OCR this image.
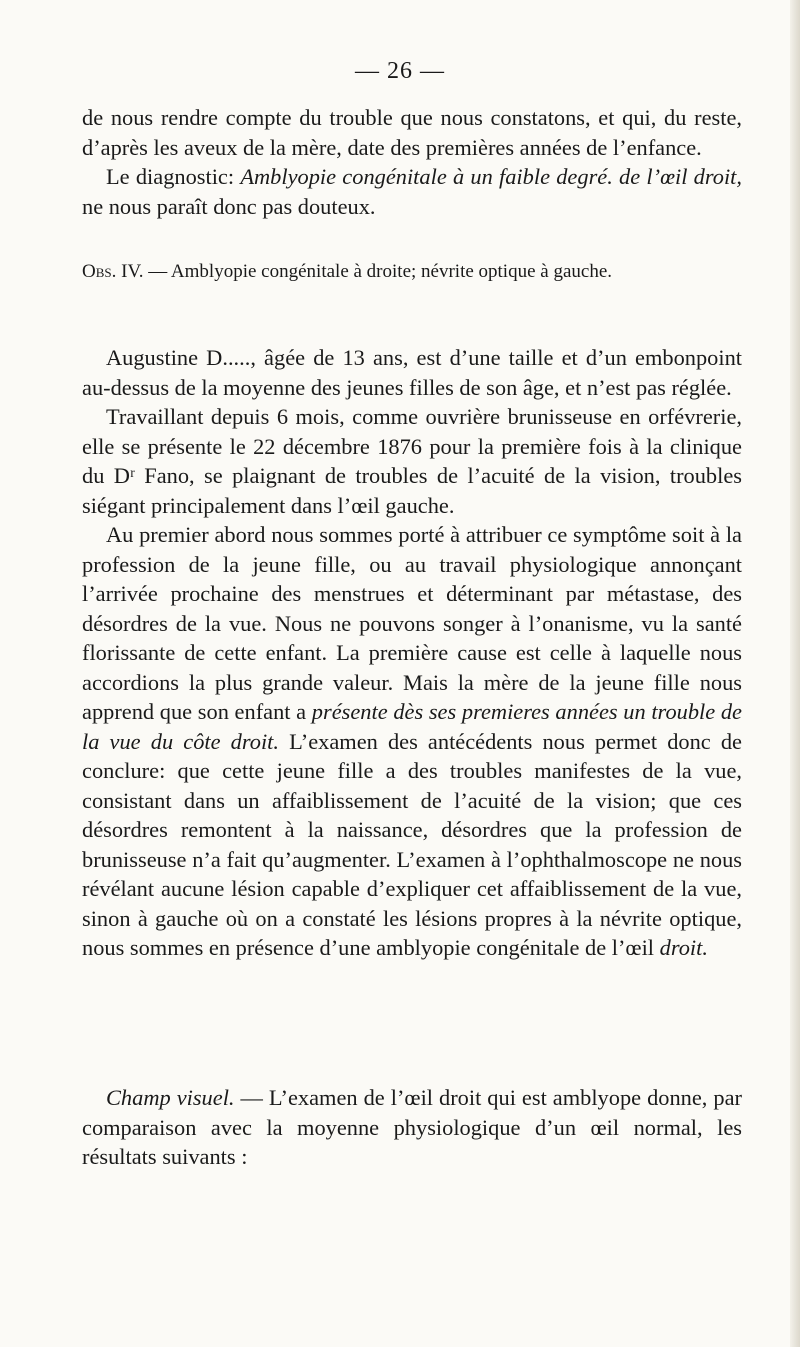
— 26 —

de nous rendre compte du trouble que nous constatons, et qui, du reste, d’après les aveux de la mère, date des premières années de l’enfance.

Le diagnostic: Amblyopie congénitale à un faible degré. de l’œil droit, ne nous paraît donc pas douteux.

Obs. IV. — Amblyopie congénitale à droite; névrite optique à gauche.

Augustine D....., âgée de 13 ans, est d’une taille et d’un embonpoint au-dessus de la moyenne des jeunes filles de son âge, et n’est pas réglée.

Travaillant depuis 6 mois, comme ouvrière brunisseuse en orfévrerie, elle se présente le 22 décembre 1876 pour la première fois à la clinique du Dʳ Fano, se plaignant de troubles de l’acuité de la vision, troubles siégant principalement dans l’œil gauche.

Au premier abord nous sommes porté à attribuer ce symptôme soit à la profession de la jeune fille, ou au travail physiologique annonçant l’arrivée prochaine des menstrues et déterminant par métastase, des désordres de la vue. Nous ne pouvons songer à l’onanisme, vu la santé florissante de cette enfant. La première cause est celle à laquelle nous accordions la plus grande valeur. Mais la mère de la jeune fille nous apprend que son enfant a présente dès ses premieres années un trouble de la vue du côte droit. L’examen des antécédents nous permet donc de conclure: que cette jeune fille a des troubles manifestes de la vue, consistant dans un affaiblissement de l’acuité de la vision; que ces désordres remontent à la naissance, désordres que la profession de brunisseuse n’a fait qu’augmenter. L’examen à l’ophthalmoscope ne nous révélant aucune lésion capable d’expliquer cet affaiblissement de la vue, sinon à gauche où on a constaté les lésions propres à la névrite optique, nous sommes en présence d’une amblyopie congénitale de l’œil droit.

Champ visuel. — L’examen de l’œil droit qui est amblyope donne, par comparaison avec la moyenne physiologique d’un œil normal, les résultats suivants :
